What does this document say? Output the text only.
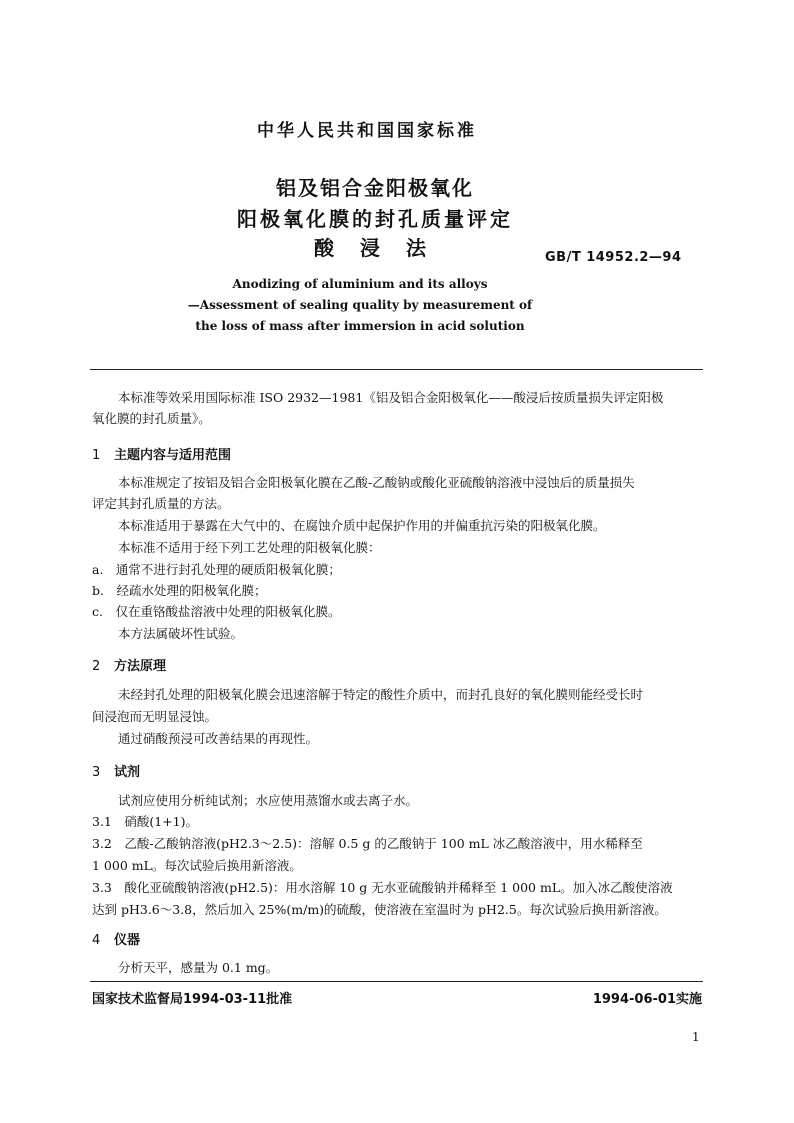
中华人民共和国国家标准
铝及铝合金阳极氧化
阳极氧化膜的封孔质量评定
酸浸法	GB/T 14952.2—94
Anodizing of aluminium and its alloys
—Assessment of sealing quality by measurement of
the loss of mass after immersion in acid solution
本标准等效采用国际标准 ISO 2932—1981《铝及铝合金阳极氧化——酸浸后按质量损失评定阳极
氧化膜的封孔质量》。
1 主题内容与适用范围
本标准规定了按铝及铝合金阳极氧化膜在乙酸-乙酸钠或酸化亚硫酸钠溶液中浸蚀后的质量损失
评定其封孔质量的方法。
本标准适用于暴露在大气中的、在腐蚀介质中起保护作用的并偏重抗污染的阳极氧化膜。
本标准不适用于经下列工艺处理的阳极氧化膜：
a.　通常不进行封孔处理的硬质阳极氧化膜；
b.　经疏水处理的阳极氧化膜；
c.　仅在重铬酸盐溶液中处理的阳极氧化膜。
本方法属破坏性试验。
2 方法原理
未经封孔处理的阳极氧化膜会迅速溶解于特定的酸性介质中，而封孔良好的氧化膜则能经受长时
间浸泡而无明显浸蚀。
通过硝酸预浸可改善结果的再现性。
3 试剂
试剂应使用分析纯试剂；水应使用蒸馏水或去离子水。
3.1　硝酸(1+1)。
3.2　乙酸-乙酸钠溶液(pH2.3～2.5)：溶解 0.5 g 的乙酸钠于 100 mL 冰乙酸溶液中，用水稀释至
1 000 mL。每次试验后换用新溶液。
3.3　酸化亚硫酸钠溶液(pH2.5)：用水溶解 10 g 无水亚硫酸钠并稀释至 1 000 mL。加入冰乙酸使溶液
达到 pH3.6～3.8，然后加入 25%(m/m)的硫酸，使溶液在室温时为 pH2.5。每次试验后换用新溶液。
4 仪器
分析天平，感量为 0.1 mg。
国家技术监督局1994-03-11批准	1994-06-01实施
1
